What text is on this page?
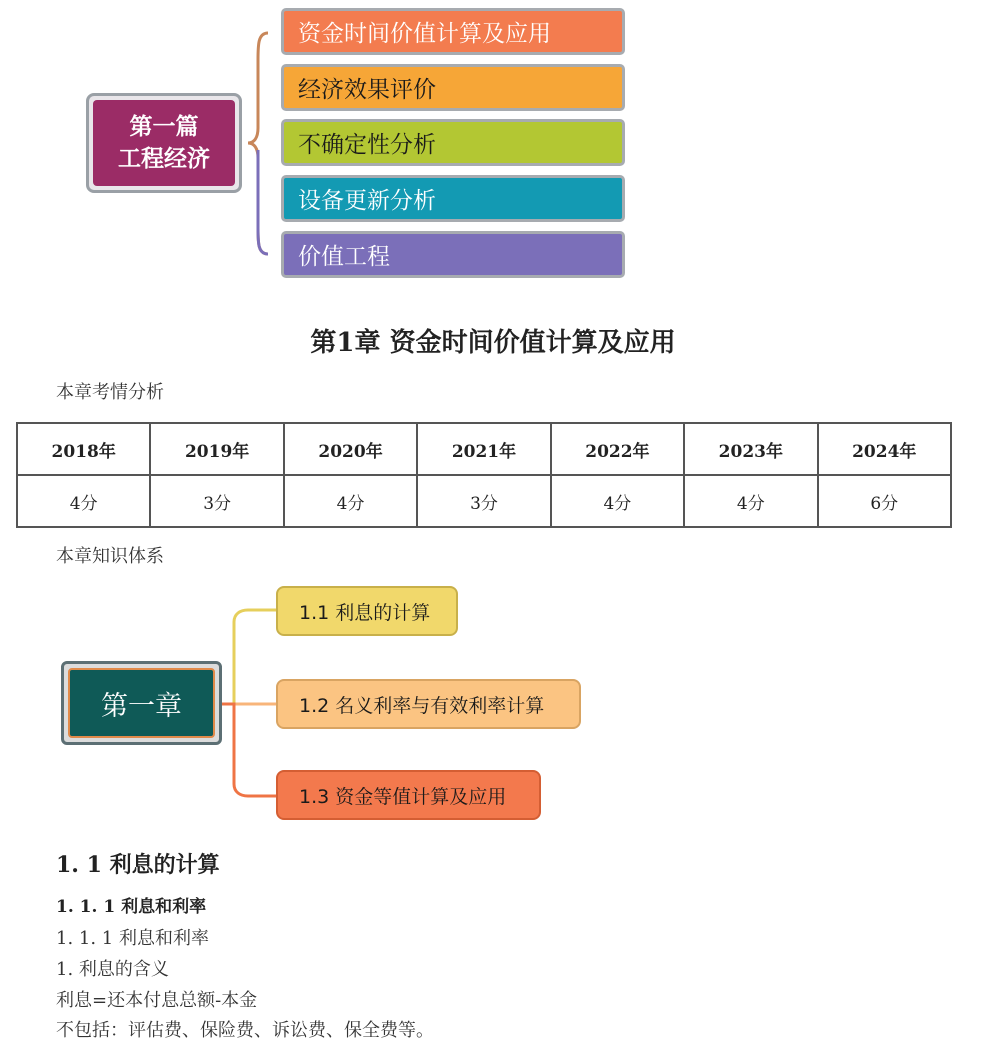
第一篇
工程经济
资金时间价值计算及应用
经济效果评价
不确定性分析
设备更新分析
价值工程
第1章 资金时间价值计算及应用
本章考情分析
2018年	2019年	2020年	2021年	2022年	2023年	2024年
4分	3分	4分	3分	4分	4分	6分
本章知识体系
第一章
1.1 利息的计算
1.2 名义利率与有效利率计算
1.3 资金等值计算及应用
1. 1 利息的计算
1. 1. 1 利息和利率
1. 1. 1 利息和利率
1. 利息的含义
利息=还本付息总额-本金
不包括：评估费、保险费、诉讼费、保全费等。
